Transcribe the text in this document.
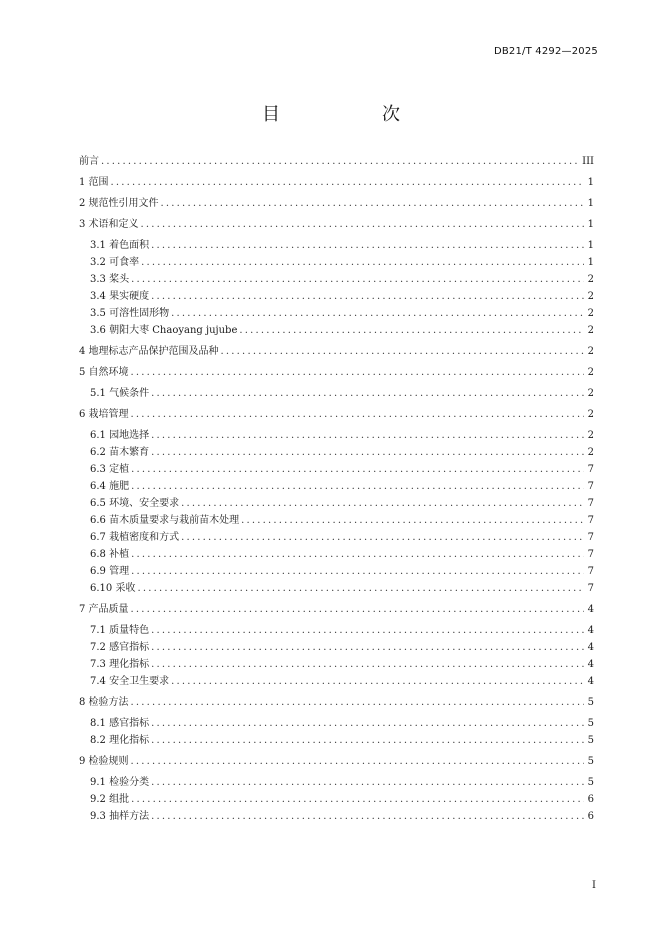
DB21/T 4292—2025
目　次
前言 .....	III
1 范围 .....	1
2 规范性引用文件 .....	1
3 术语和定义 .....	1
3.1 着色面积 .....	1
3.2 可食率 .....	1
3.3 桨头 .....	2
3.4 果实硬度 .....	2
3.5 可溶性固形物 .....	2
3.6 朝阳大枣 Chaoyang jujube .....	2
4 地理标志产品保护范围及品种 .....	2
5 自然环境 .....	2
5.1 气候条件 .....	2
6 栽培管理 .....	2
6.1 园地选择 .....	2
6.2 苗木繁育 .....	2
6.3 定植 .....	7
6.4 施肥 .....	7
6.5 环境、安全要求 .....	7
6.6 苗木质量要求与栽前苗木处理 .....	7
6.7 栽植密度和方式 .....	7
6.8 补植 .....	7
6.9 管理 .....	7
6.10 采收 .....	7
7 产品质量 .....	4
7.1 质量特色 .....	4
7.2 感官指标 .....	4
7.3 理化指标 .....	4
7.4 安全卫生要求 .....	4
8 检验方法 .....	5
8.1 感官指标 .....	5
8.2 理化指标 .....	5
9 检验规则 .....	5
9.1 检验分类 .....	5
9.2 组批 .....	6
9.3 抽样方法 .....	6
I
